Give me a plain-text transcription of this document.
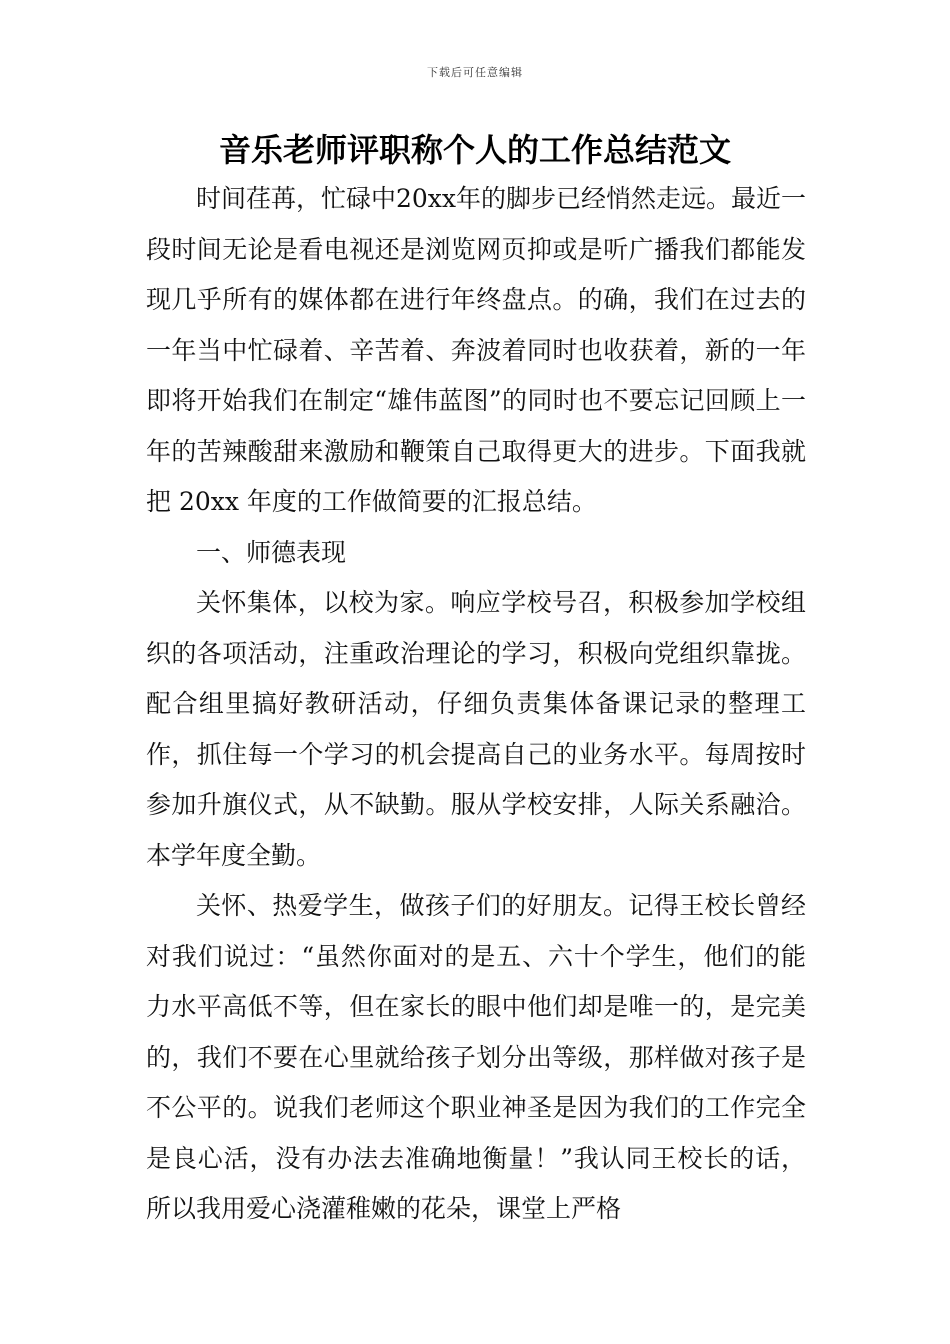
下载后可任意编辑
音乐老师评职称个人的工作总结范文

时间荏苒，忙碌中20xx年的脚步已经悄然走远。最近一段时间无论是看电视还是浏览网页抑或是听广播我们都能发现几乎所有的媒体都在进行年终盘点。的确，我们在过去的一年当中忙碌着、辛苦着、奔波着同时也收获着，新的一年即将开始我们在制定“雄伟蓝图”的同时也不要忘记回顾上一年的苦辣酸甜来激励和鞭策自己取得更大的进步。下面我就把 20xx 年度的工作做简要的汇报总结。

一、师德表现

关怀集体，以校为家。响应学校号召，积极参加学校组织的各项活动，注重政治理论的学习，积极向党组织靠拢。配合组里搞好教研活动，仔细负责集体备课记录的整理工作，抓住每一个学习的机会提高自己的业务水平。每周按时参加升旗仪式，从不缺勤。服从学校安排，人际关系融洽。本学年度全勤。

关怀、热爱学生，做孩子们的好朋友。记得王校长曾经对我们说过：“虽然你面对的是五、六十个学生，他们的能力水平高低不等，但在家长的眼中他们却是唯一的，是完美的，我们不要在心里就给孩子划分出等级，那样做对孩子是不公平的。说我们老师这个职业神圣是因为我们的工作完全是良心活，没有办法去准确地衡量！”我认同王校长的话，所以我用爱心浇灌稚嫩的花朵，课堂上严格
